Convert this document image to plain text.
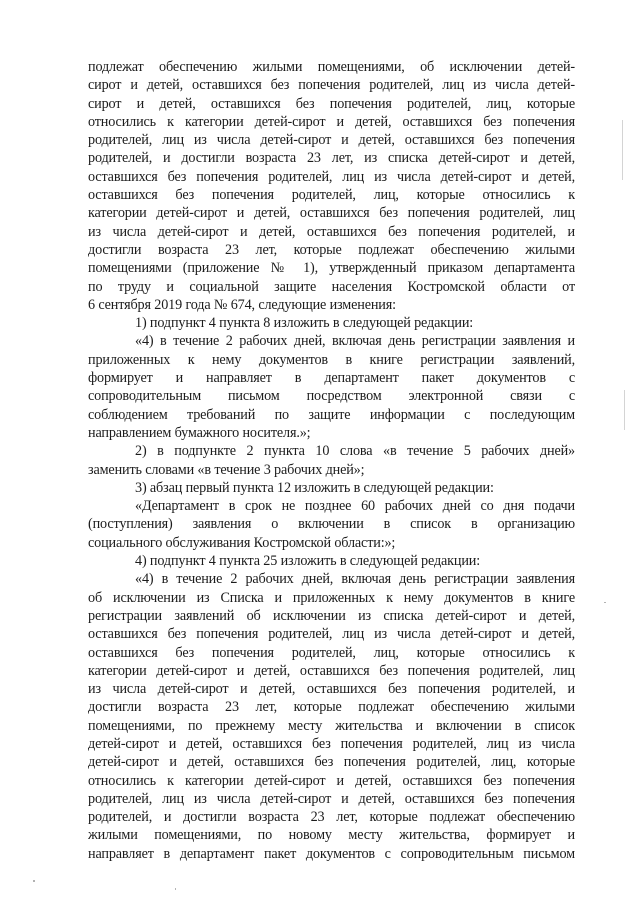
подлежат обеспечению жилыми помещениями, об исключении детей-
сирот и детей, оставшихся без попечения родителей, лиц из числа детей-
сирот и детей, оставшихся без попечения родителей, лиц, которые
относились к категории детей-сирот и детей, оставшихся без попечения
родителей, лиц из числа детей-сирот и детей, оставшихся без попечения
родителей, и достигли возраста 23 лет, из списка детей-сирот и детей,
оставшихся без попечения родителей, лиц из числа детей-сирот и детей,
оставшихся без попечения родителей, лиц, которые относились к
категории детей-сирот и детей, оставшихся без попечения родителей, лиц
из числа детей-сирот и детей, оставшихся без попечения родителей, и
достигли возраста 23 лет, которые подлежат обеспечению жилыми
помещениями (приложение № 1), утвержденный приказом департамента
по труду и социальной защите населения Костромской области от
6 сентября 2019 года № 674, следующие изменения:
1) подпункт 4 пункта 8 изложить в следующей редакции:
«4) в течение 2 рабочих дней, включая день регистрации заявления и
приложенных к нему документов в книге регистрации заявлений,
формирует и направляет в департамент пакет документов с
сопроводительным письмом посредством электронной связи с
соблюдением требований по защите информации с последующим
направлением бумажного носителя.»;
2) в подпункте 2 пункта 10 слова «в течение 5 рабочих дней»
заменить словами «в течение 3 рабочих дней»;
3) абзац первый пункта 12 изложить в следующей редакции:
«Департамент в срок не позднее 60 рабочих дней со дня подачи
(поступления) заявления о включении в список в организацию
социального обслуживания Костромской области:»;
4) подпункт 4 пункта 25 изложить в следующей редакции:
«4) в течение 2 рабочих дней, включая день регистрации заявления
об исключении из Списка и приложенных к нему документов в книге
регистрации заявлений об исключении из списка детей-сирот и детей,
оставшихся без попечения родителей, лиц из числа детей-сирот и детей,
оставшихся без попечения родителей, лиц, которые относились к
категории детей-сирот и детей, оставшихся без попечения родителей, лиц
из числа детей-сирот и детей, оставшихся без попечения родителей, и
достигли возраста 23 лет, которые подлежат обеспечению жилыми
помещениями, по прежнему месту жительства и включении в список
детей-сирот и детей, оставшихся без попечения родителей, лиц из числа
детей-сирот и детей, оставшихся без попечения родителей, лиц, которые
относились к категории детей-сирот и детей, оставшихся без попечения
родителей, лиц из числа детей-сирот и детей, оставшихся без попечения
родителей, и достигли возраста 23 лет, которые подлежат обеспечению
жилыми помещениями, по новому месту жительства, формирует и
направляет в департамент пакет документов с сопроводительным письмом
